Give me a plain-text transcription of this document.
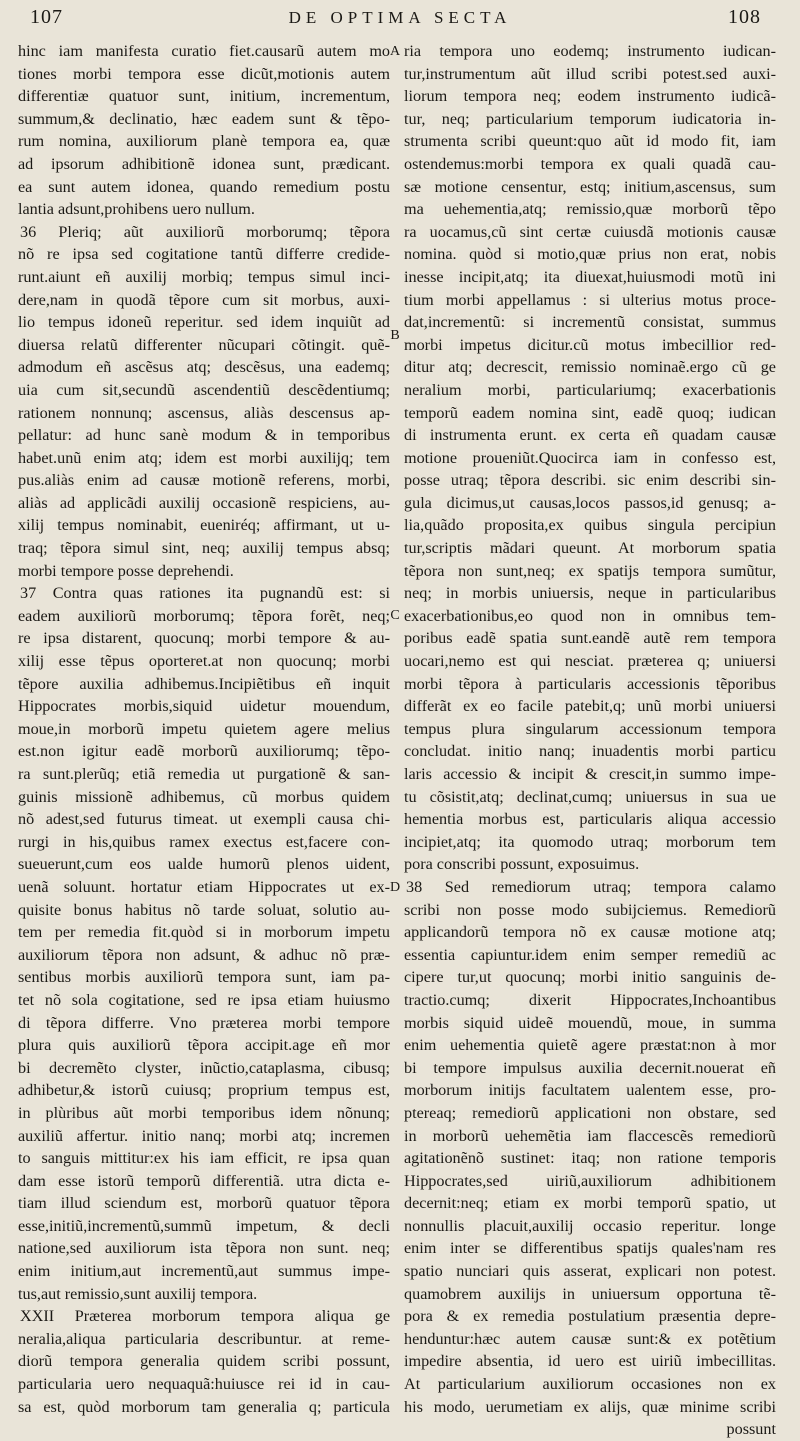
107	DE OPTIMA SECTA	108
hinc iam manifesta curatio fiet.causarũ autem mo
tiones morbi tempora esse dicũt,motionis autem
differentiæ quatuor sunt, initium, incrementum,
summum,& declinatio, hæc eadem sunt & tẽpo-
rum nomina, auxiliorum planè tempora ea, quæ
ad ipsorum adhibitionẽ idonea sunt, prædicant.
ea sunt autem idonea, quando remedium postu
lantia adsunt,prohibens uero nullum.
36 Pleriq; aũt auxiliorũ morborumq; tẽpora
nõ re ipsa sed cogitatione tantũ differre credide-
runt.aiunt eñ auxilij morbiq; tempus simul inci-
dere,nam in quodã tẽpore cum sit morbus, auxi-
lio tempus idoneũ reperitur. sed idem inquiũt ad
diuersa relatũ differenter nũcupari cõtingit. quẽ-
admodum eñ ascẽsus atq; descẽsus, una eademq;
uia cum sit,secundũ ascendentiũ descẽdentiumq;
rationem nonnunq; ascensus, aliàs descensus ap-
pellatur: ad hunc sanè modum & in temporibus
habet.unũ enim atq; idem est morbi auxilijq; tem
pus.aliàs enim ad causæ motionẽ referens, morbi,
aliàs ad applicãdi auxilij occasionẽ respiciens, au-
xilij tempus nominabit, eueniréq; affirmant, ut u-
traq; tẽpora simul sint, neq; auxilij tempus absq;
morbi tempore posse deprehendi.
37 Contra quas rationes ita pugnandũ est: si
eadem auxiliorũ morborumq; tẽpora forẽt, neq;
re ipsa distarent, quocunq; morbi tempore & au-
xilij esse tẽpus oporteret.at non quocunq; morbi
tẽpore auxilia adhibemus.Incipiẽtibus eñ inquit
Hippocrates morbis,siquid uidetur mouendum,
moue,in morborũ impetu quietem agere melius
est.non igitur eadẽ morborũ auxiliorumq; tẽpo-
ra sunt.plerũq; etiã remedia ut purgationẽ & san-
guinis missionẽ adhibemus, cũ morbus quidem
nõ adest,sed futurus timeat. ut exempli causa chi-
rurgi in his,quibus ramex exectus est,facere con-
sueuerunt,cum eos ualde humorũ plenos uident,
uenã soluunt. hortatur etiam Hippocrates ut ex-
quisite bonus habitus nõ tarde soluat, solutio au-
tem per remedia fit.quòd si in morborum impetu
auxiliorum tẽpora non adsunt, & adhuc nõ præ-
sentibus morbis auxiliorũ tempora sunt, iam pa-
tet nõ sola cogitatione, sed re ipsa etiam huiusmo
di tẽpora differre. Vno præterea morbi tempore
plura quis auxiliorũ tẽpora accipit.age eñ mor
bi decremẽto clyster, inũctio,cataplasma, cibusq;
adhibetur,& istorũ cuiusq; proprium tempus est,
in plùribus aũt morbi temporibus idem nõnunq;
auxiliũ affertur. initio nanq; morbi atq; incremen
to sanguis mittitur:ex his iam efficit, re ipsa quan
dam esse istorũ temporũ differentiã. utra dicta e-
tiam illud sciendum est, morborũ quatuor tẽpora
esse,initiũ,incrementũ,summũ impetum, & decli
natione,sed auxiliorum ista tẽpora non sunt. neq;
enim initium,aut incrementũ,aut summus impe-
tus,aut remissio,sunt auxilij tempora.
XXII Præterea morborum tempora aliqua ge
neralia,aliqua particularia describuntur. at reme-
diorũ tempora generalia quidem scribi possunt,
particularia uero nequaquã:huiusce rei id in cau-
sa est, quòd morborum tam generalia q; particula
ria tempora uno eodemq; instrumento iudican-
tur,instrumentum aũt illud scribi potest.sed auxi-
liorum tempora neq; eodem instrumento iudicã-
tur, neq; particularium temporum iudicatoria in-
strumenta scribi queunt:quo aũt id modo fit, iam
ostendemus:morbi tempora ex quali quadã cau-
sæ motione censentur, estq; initium,ascensus, sum
ma uehementia,atq; remissio,quæ morborũ tẽpo
ra uocamus,cũ sint certæ cuiusdã motionis causæ
nomina. quòd si motio,quæ prius non erat, nobis
inesse incipit,atq; ita diuexat,huiusmodi motũ ini
tium morbi appellamus : si ulterius motus proce-
dat,incrementũ: si incrementũ consistat, summus
morbi impetus dicitur.cũ motus imbecillior red-
ditur atq; decrescit, remissio nominaẽ.ergo cũ ge
neralium morbi, particulariumq; exacerbationis
temporũ eadem nomina sint, eadẽ quoq; iudican
di instrumenta erunt. ex certa eñ quadam causæ
motione proueniũt.Quocirca iam in confesso est,
posse utraq; tẽpora describi. sic enim describi sin-
gula dicimus,ut causas,locos passos,id genusq; a-
lia,quãdo proposita,ex quibus singula percipiun
tur,scriptis mãdari queunt. At morborum spatia
tẽpora non sunt,neq; ex spatijs tempora sumũtur,
neq; in morbis uniuersis, neque in particularibus
exacerbationibus,eo quod non in omnibus tem-
poribus eadẽ spatia sunt.eandẽ autẽ rem tempora
uocari,nemo est qui nesciat. præterea q; uniuersi
morbi tẽpora à particularis accessionis tẽporibus
differãt ex eo facile patebit,q; unũ morbi uniuersi
tempus plura singularum accessionum tempora
concludat. initio nanq; inuadentis morbi particu
laris accessio & incipit & crescit,in summo impe-
tu cõsistit,atq; declinat,cumq; uniuersus in sua ue
hementia morbus est, particularis aliqua accessio
incipiet,atq; ita quomodo utraq; morborum tem
pora conscribi possunt, exposuimus.
38 Sed remediorum utraq; tempora calamo
scribi non posse modo subijciemus. Remediorũ
applicandorũ tempora nõ ex causæ motione atq;
essentia capiuntur.idem enim semper remediũ ac
cipere tur,ut quocunq; morbi initio sanguinis de-
tractio.cumq; dixerit Hippocrates,Inchoantibus
morbis siquid uideẽ mouendũ, moue, in summa
enim uehementia quietẽ agere præstat:non à mor
bi tempore impulsus auxilia decernit.nouerat eñ
morborum initijs facultatem ualentem esse, pro-
ptereaq; remediorũ applicationi non obstare, sed
in morborũ uehemẽtia iam flaccescẽs remediorũ
agitationẽnõ sustinet: itaq; non ratione temporis
Hippocrates,sed uiriũ,auxiliorum adhibitionem
decernit:neq; etiam ex morbi temporũ spatio, ut
nonnullis placuit,auxilij occasio reperitur. longe
enim inter se differentibus spatijs quales'nam res
spatio nunciari quis asserat, explicari non potest.
quamobrem auxilijs in uniuersum opportuna tẽ-
pora & ex remedia postulatium præsentia depre-
henduntur:hæc autem causæ sunt:& ex potẽtium
impedire absentia, id uero est uiriũ imbecillitas.
At particularium auxiliorum occasiones non ex
his modo, uerumetiam ex alijs, quæ minime scribi
possunt
A
B
C
D
